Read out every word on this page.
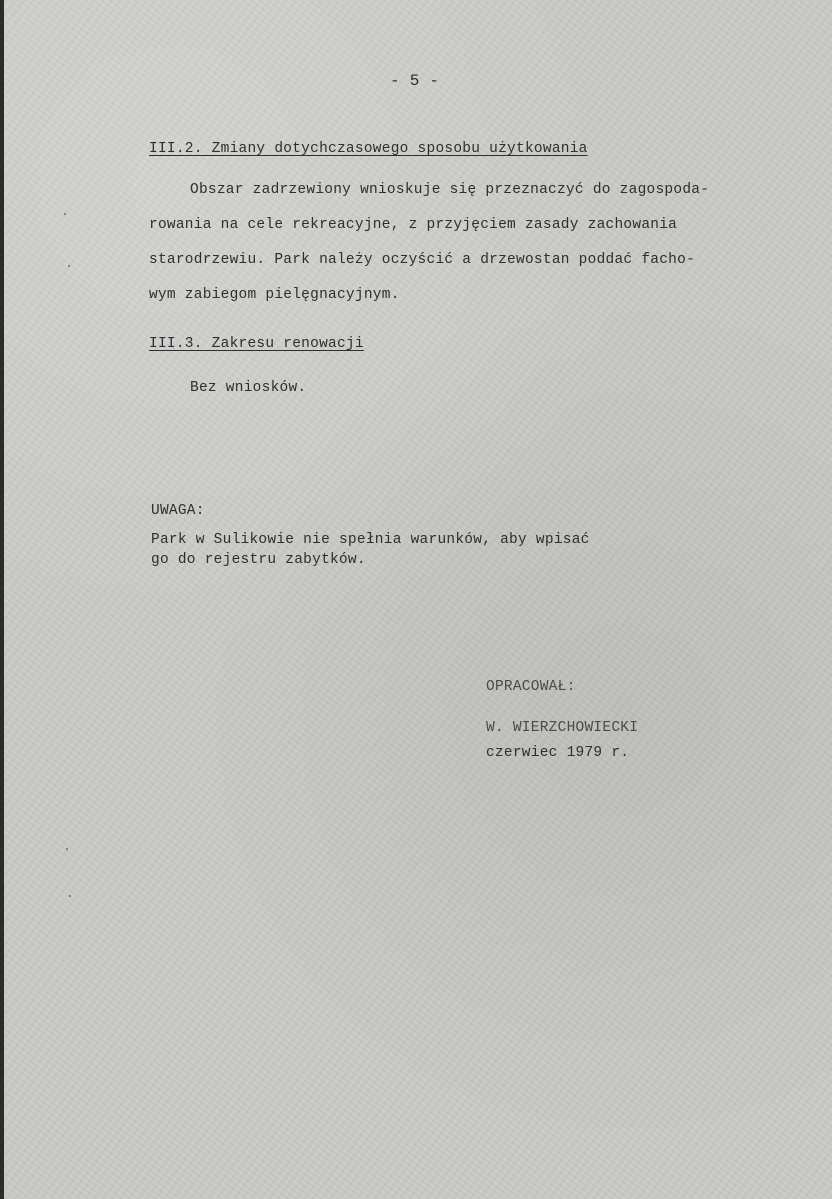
- 5 -
III.2. Zmiany dotychczasowego sposobu użytkowania
Obszar zadrzewiony wnioskuje się przeznaczyć do zagospoda-
rowania na cele rekreacyjne, z przyjęciem zasady zachowania
starodrzewiu. Park należy oczyścić a drzewostan poddać facho-
wym zabiegom pielęgnacyjnym.
III.3. Zakresu renowacji
Bez wniosków.
UWAGA:
Park w Sulikowie nie spełnia warunków, aby wpisać
go do rejestru zabytków.
OPRACOWAŁ:
W. WIERZCHOWIECKI
czerwiec 1979 r.
